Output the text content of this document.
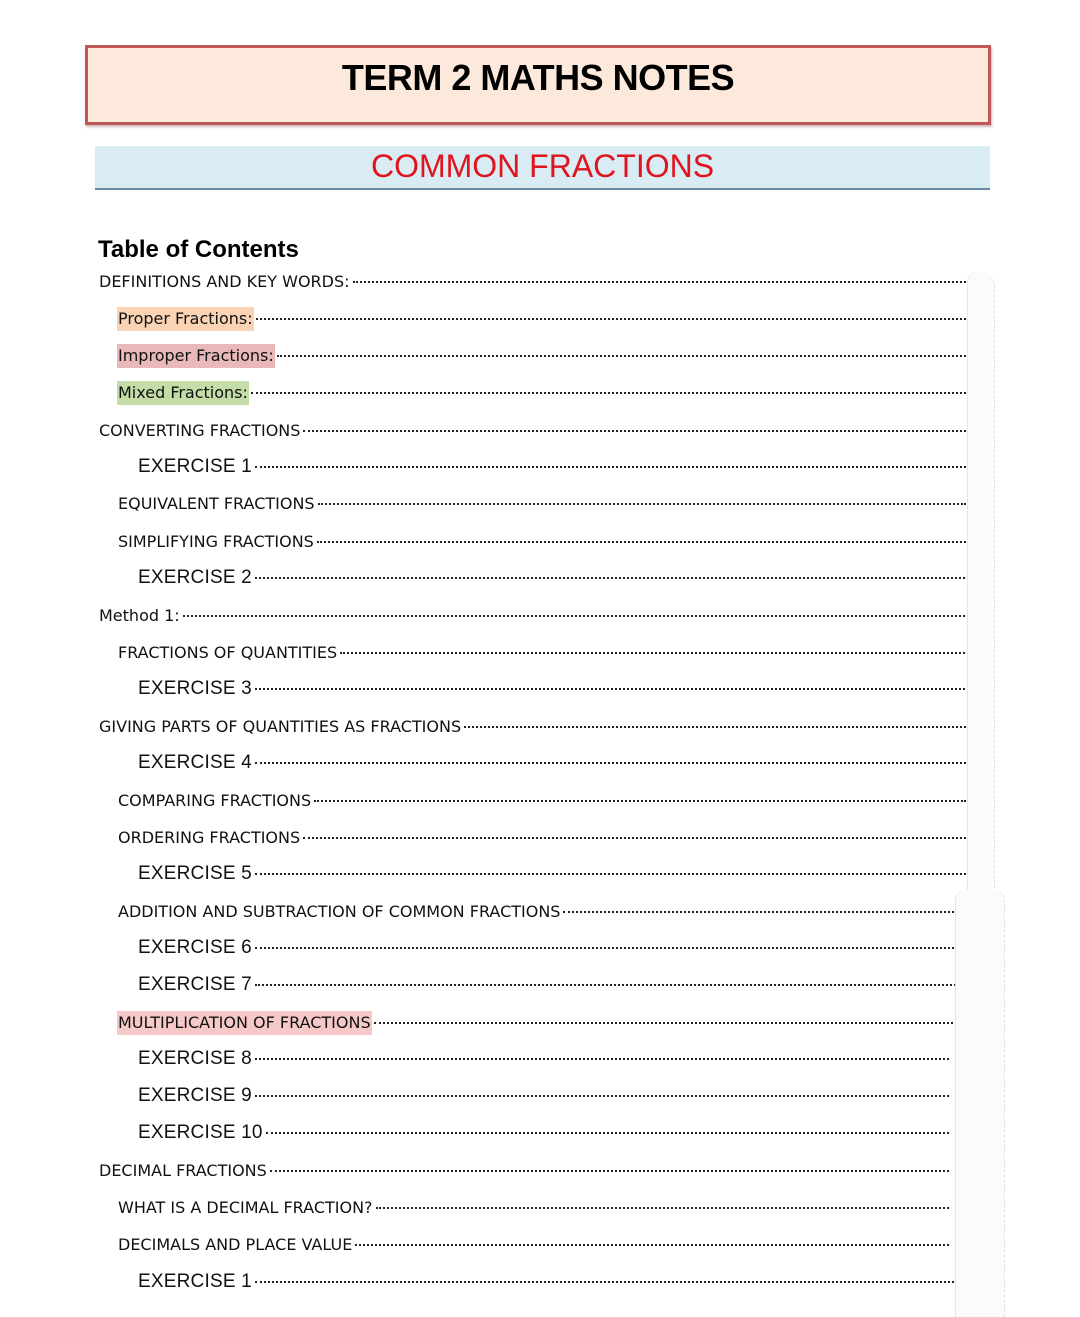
TERM 2 MATHS NOTES
COMMON FRACTIONS
Table of Contents
DEFINITIONS AND KEY WORDS:
Proper Fractions:
Improper Fractions:
Mixed Fractions:
CONVERTING FRACTIONS
EXERCISE 1
EQUIVALENT FRACTIONS
SIMPLIFYING FRACTIONS
EXERCISE 2
Method 1:
FRACTIONS OF QUANTITIES
EXERCISE 3
GIVING PARTS OF QUANTITIES AS FRACTIONS
EXERCISE 4
COMPARING FRACTIONS
ORDERING FRACTIONS
EXERCISE 5
ADDITION AND SUBTRACTION OF COMMON FRACTIONS
EXERCISE 6
EXERCISE 7
MULTIPLICATION OF FRACTIONS
EXERCISE 8
EXERCISE 9
EXERCISE 10
DECIMAL FRACTIONS
WHAT IS A DECIMAL FRACTION?
DECIMALS AND PLACE VALUE
EXERCISE 1
